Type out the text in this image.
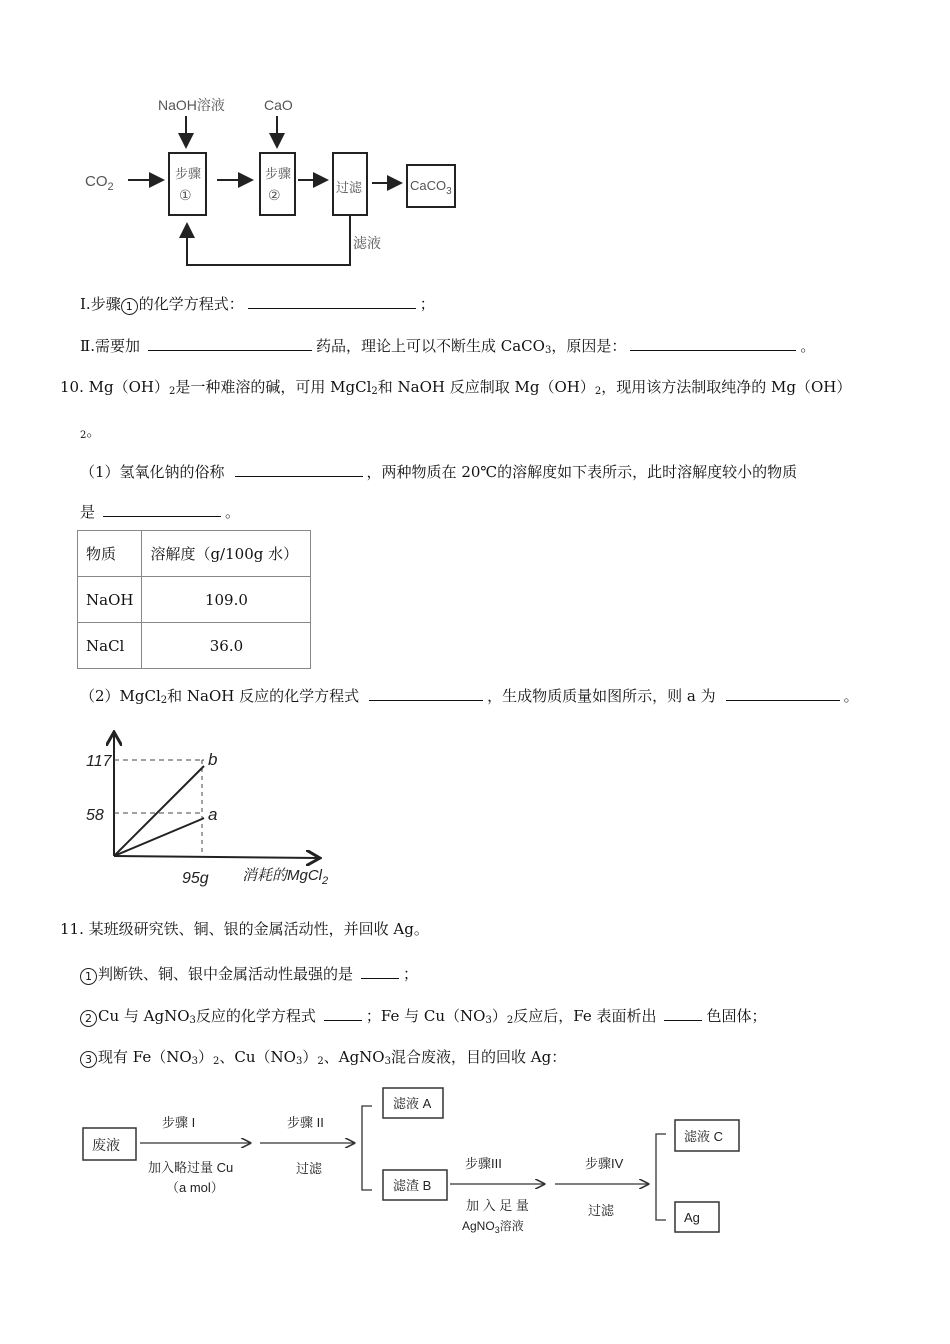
NaOH溶液	CaO
$CO_2$
步骤
①
步骤
②	过滤	CaCO$_3$
滤液
Ⅰ.步骤 1 的化学方程式：	；
Ⅱ.需要加	药品，理论上可以不断生成 CaCO$_3$，原因是：	。
10. $Mg(OH)_2$是一种难溶的碱，可用 MgCl$_2$和 NaOH 反应制取 $Mg(OH)_2$，现用该方法制取纯净的 Mg（OH）
$_2$。
（1）氢氧化钠的俗称	，两种物质在 20℃的溶解度如下表所示，此时溶解度较小的物质
是	。
物质	溶解度（g/100g 水）
NaOH	109.0
NaCl	36.0
（2）MgCl$_2$和 NaOH 反应的化学方程式	，生成物质质量如图所示，则 a 为	。
117
58
b
a
95g 消耗的MgCl$_2$
11. 某班级研究铁、铜、银的金属活动性，并回收 Ag。
1 判断铁、铜、银中金属活动性最强的是	；
2 Cu 与 AgNO$_3$反应的化学方程式	；Fe 与 $Cu(NO_3)_2$反应后，Fe 表面析出	色固体；
3 现有 $Fe(NO_3)_2$、$Cu(NO_3)_2$、AgNO$_3$混合废液，目的回收 Ag：
废液
步骤 I
加入略过量 Cu
（a mol）
步骤 II
过滤
滤液 A
滤渣 B
步骤III
加 入 足 量
AgNO$_3$溶液
步骤IV
过滤
滤液 C
Ag
